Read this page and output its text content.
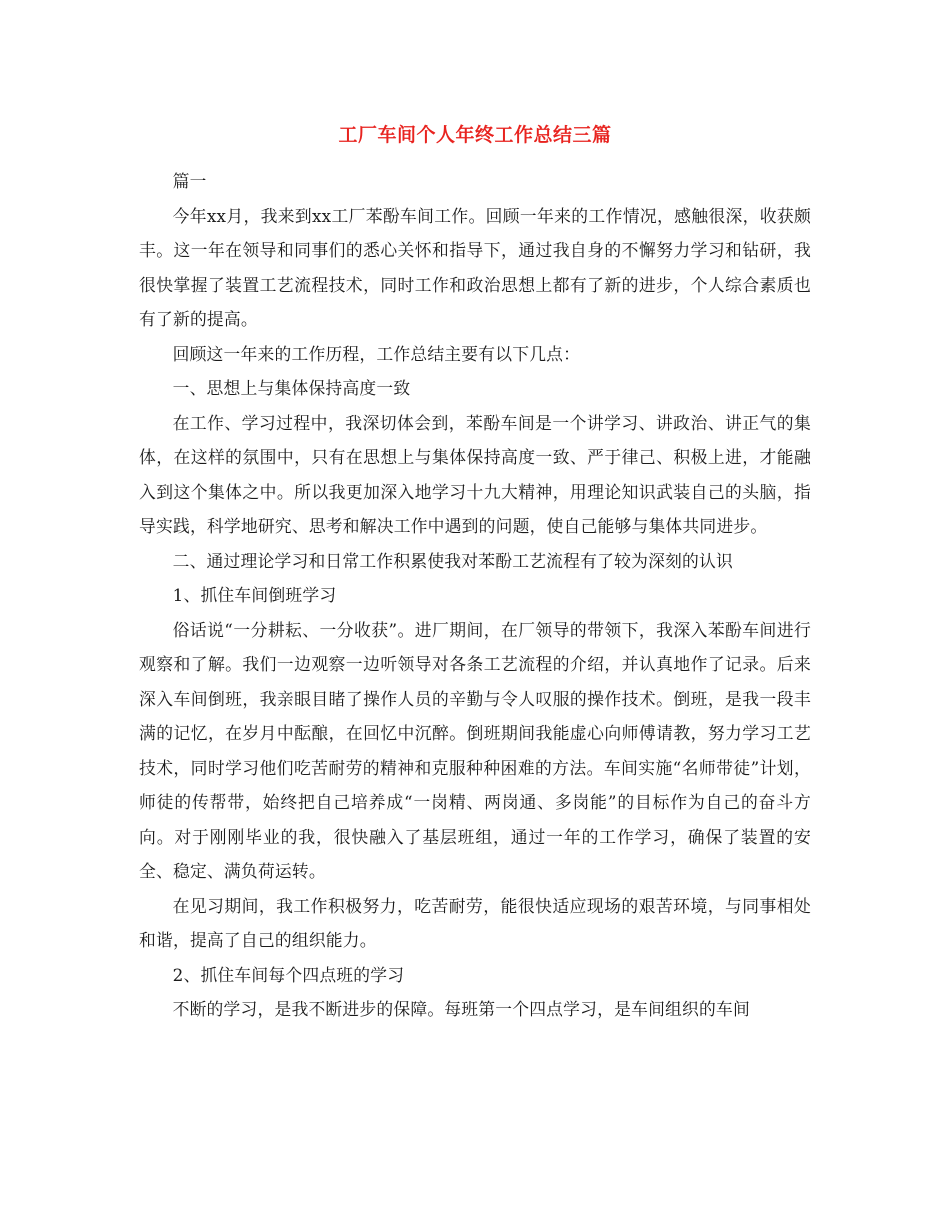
工厂车间个人年终工作总结三篇

篇一

今年xx月，我来到xx工厂苯酚车间工作。回顾一年来的工作情况，感触很深，收获颇丰。这一年在领导和同事们的悉心关怀和指导下，通过我自身的不懈努力学习和钻研，我很快掌握了装置工艺流程技术，同时工作和政治思想上都有了新的进步，个人综合素质也有了新的提高。

回顾这一年来的工作历程，工作总结主要有以下几点：

一、思想上与集体保持高度一致

在工作、学习过程中，我深切体会到，苯酚车间是一个讲学习、讲政治、讲正气的集体，在这样的氛围中，只有在思想上与集体保持高度一致、严于律己、积极上进，才能融入到这个集体之中。所以我更加深入地学习十九大精神，用理论知识武装自己的头脑，指导实践，科学地研究、思考和解决工作中遇到的问题，使自己能够与集体共同进步。

二、通过理论学习和日常工作积累使我对苯酚工艺流程有了较为深刻的认识

1、抓住车间倒班学习

俗话说“一分耕耘、一分收获”。进厂期间，在厂领导的带领下，我深入苯酚车间进行观察和了解。我们一边观察一边听领导对各条工艺流程的介绍，并认真地作了记录。后来深入车间倒班，我亲眼目睹了操作人员的辛勤与令人叹服的操作技术。倒班，是我一段丰满的记忆，在岁月中酝酿，在回忆中沉醉。倒班期间我能虚心向师傅请教，努力学习工艺技术，同时学习他们吃苦耐劳的精神和克服种种困难的方法。车间实施“名师带徒”计划，师徒的传帮带，始终把自己培养成“一岗精、两岗通、多岗能”的目标作为自己的奋斗方向。对于刚刚毕业的我，很快融入了基层班组，通过一年的工作学习，确保了装置的安全、稳定、满负荷运转。

在见习期间，我工作积极努力，吃苦耐劳，能很快适应现场的艰苦环境，与同事相处和谐，提高了自己的组织能力。

2、抓住车间每个四点班的学习

不断的学习，是我不断进步的保障。每班第一个四点学习，是车间组织的车间
